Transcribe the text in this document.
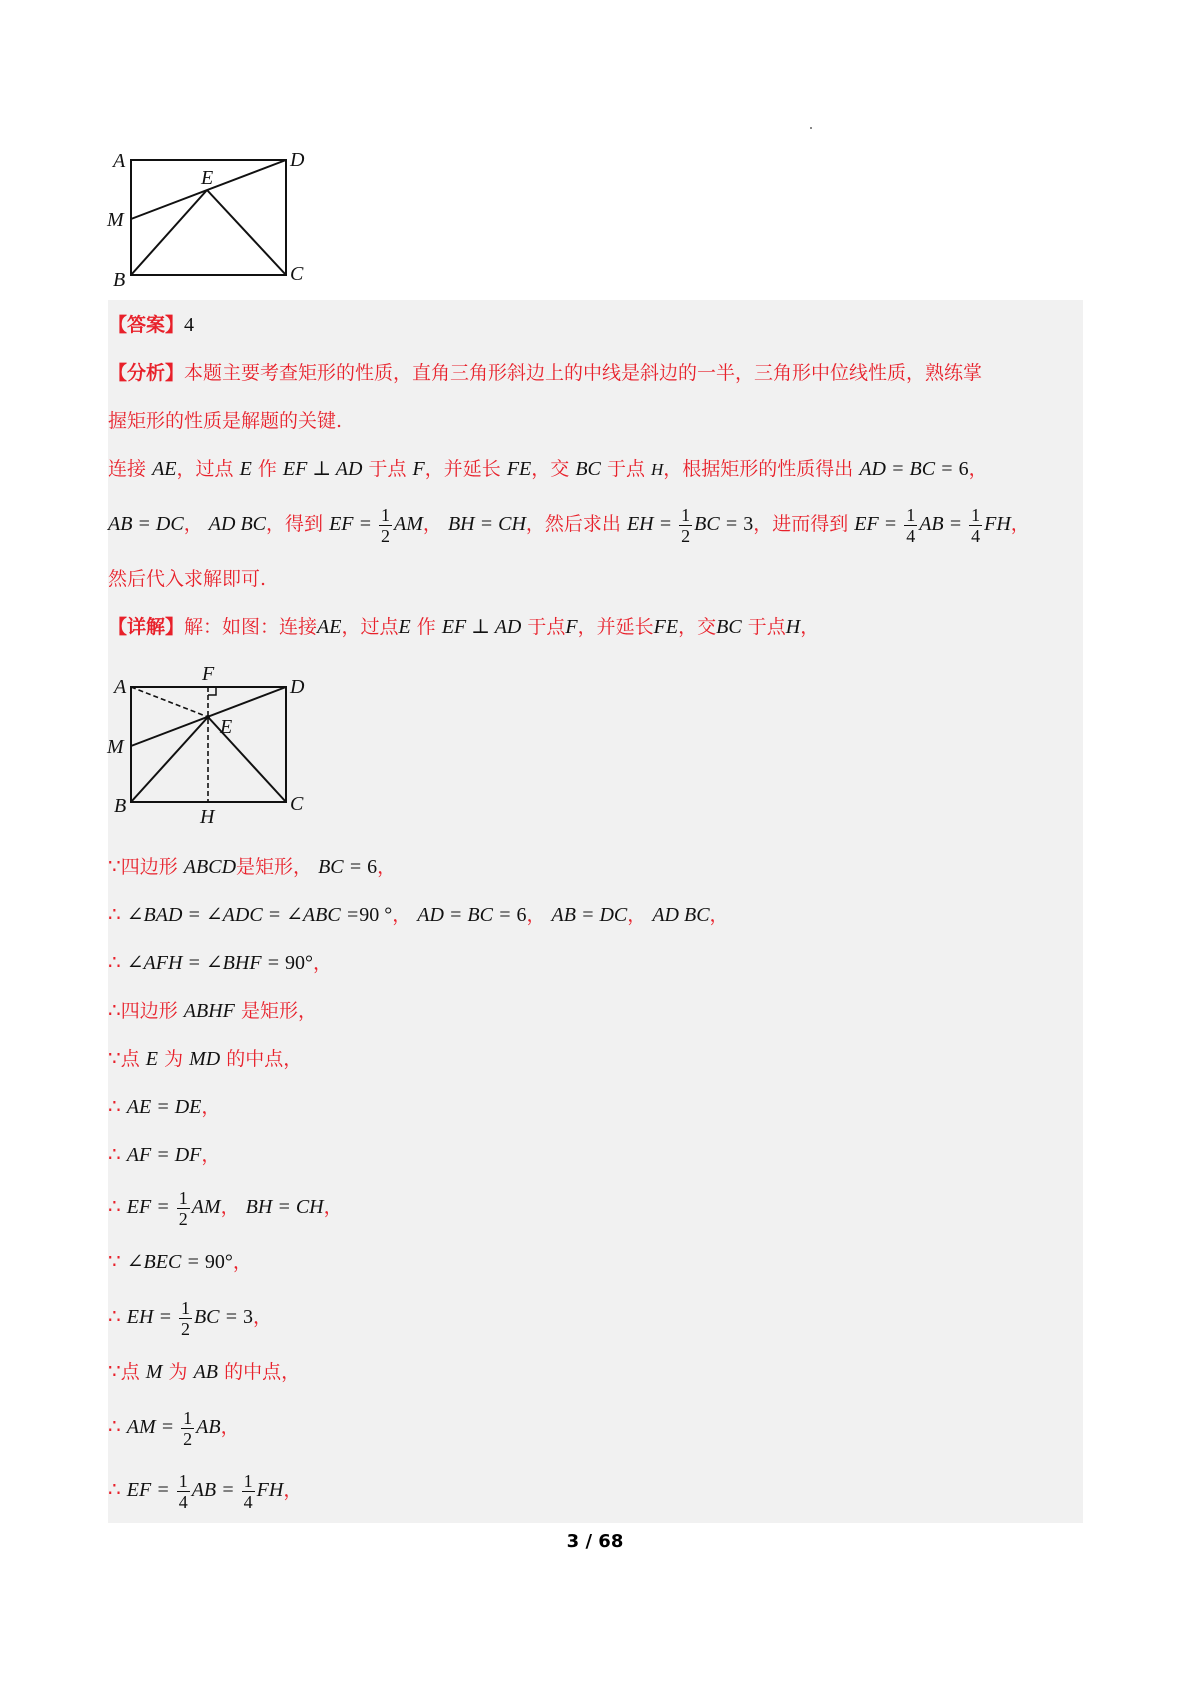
A	D
E
M
B	C
【答案】4
【分析】本题主要考查矩形的性质，直角三角形斜边上的中线是斜边的一半，三角形中位线性质，熟练掌
握矩形的性质是解题的关键.
连接 AE，过点 E 作 EF ⊥ AD 于点 F，并延长 FE，交 BC 于点 H，根据矩形的性质得出 AD = BC = 6，
AB = DC， AD BC，得到 EF = $\frac{1}{2}$ AM， BH = CH，然后求出 EH = $\frac{1}{2}$ BC = 3，进而得到 EF = $\frac{1}{4}$ AB = $\frac{1}{4}$ FH，
然后代入求解即可.
【详解】解：如图：连接AE，过点E 作 EF ⊥ AD 于点F，并延长FE，交BC 于点H，
A
F
D
E
M
B	H
C
∵四边形 ABCD是矩形， BC = 6，
∴ ∠BAD = ∠ADC = ∠ABC =90 °， AD = BC = 6， AB = DC， AD BC，
∴ ∠AFH = ∠BHF = 90°，
∴四边形 ABHF 是矩形，
∵点 E 为 MD 的中点，
∴ AE = DE，
∴ AF = DF，
∴ EF = $\frac{1}{2}$ AM， BH = CH，
∵ ∠BEC = 90°，
∴ EH = $\frac{1}{2}$ BC = 3，
∵点 M 为 AB 的中点，
∴ AM = $\frac{1}{2}$ AB，
∴ EF = $\frac{1}{4}$ AB = $\frac{1}{4}$ FH，
3 / 68
